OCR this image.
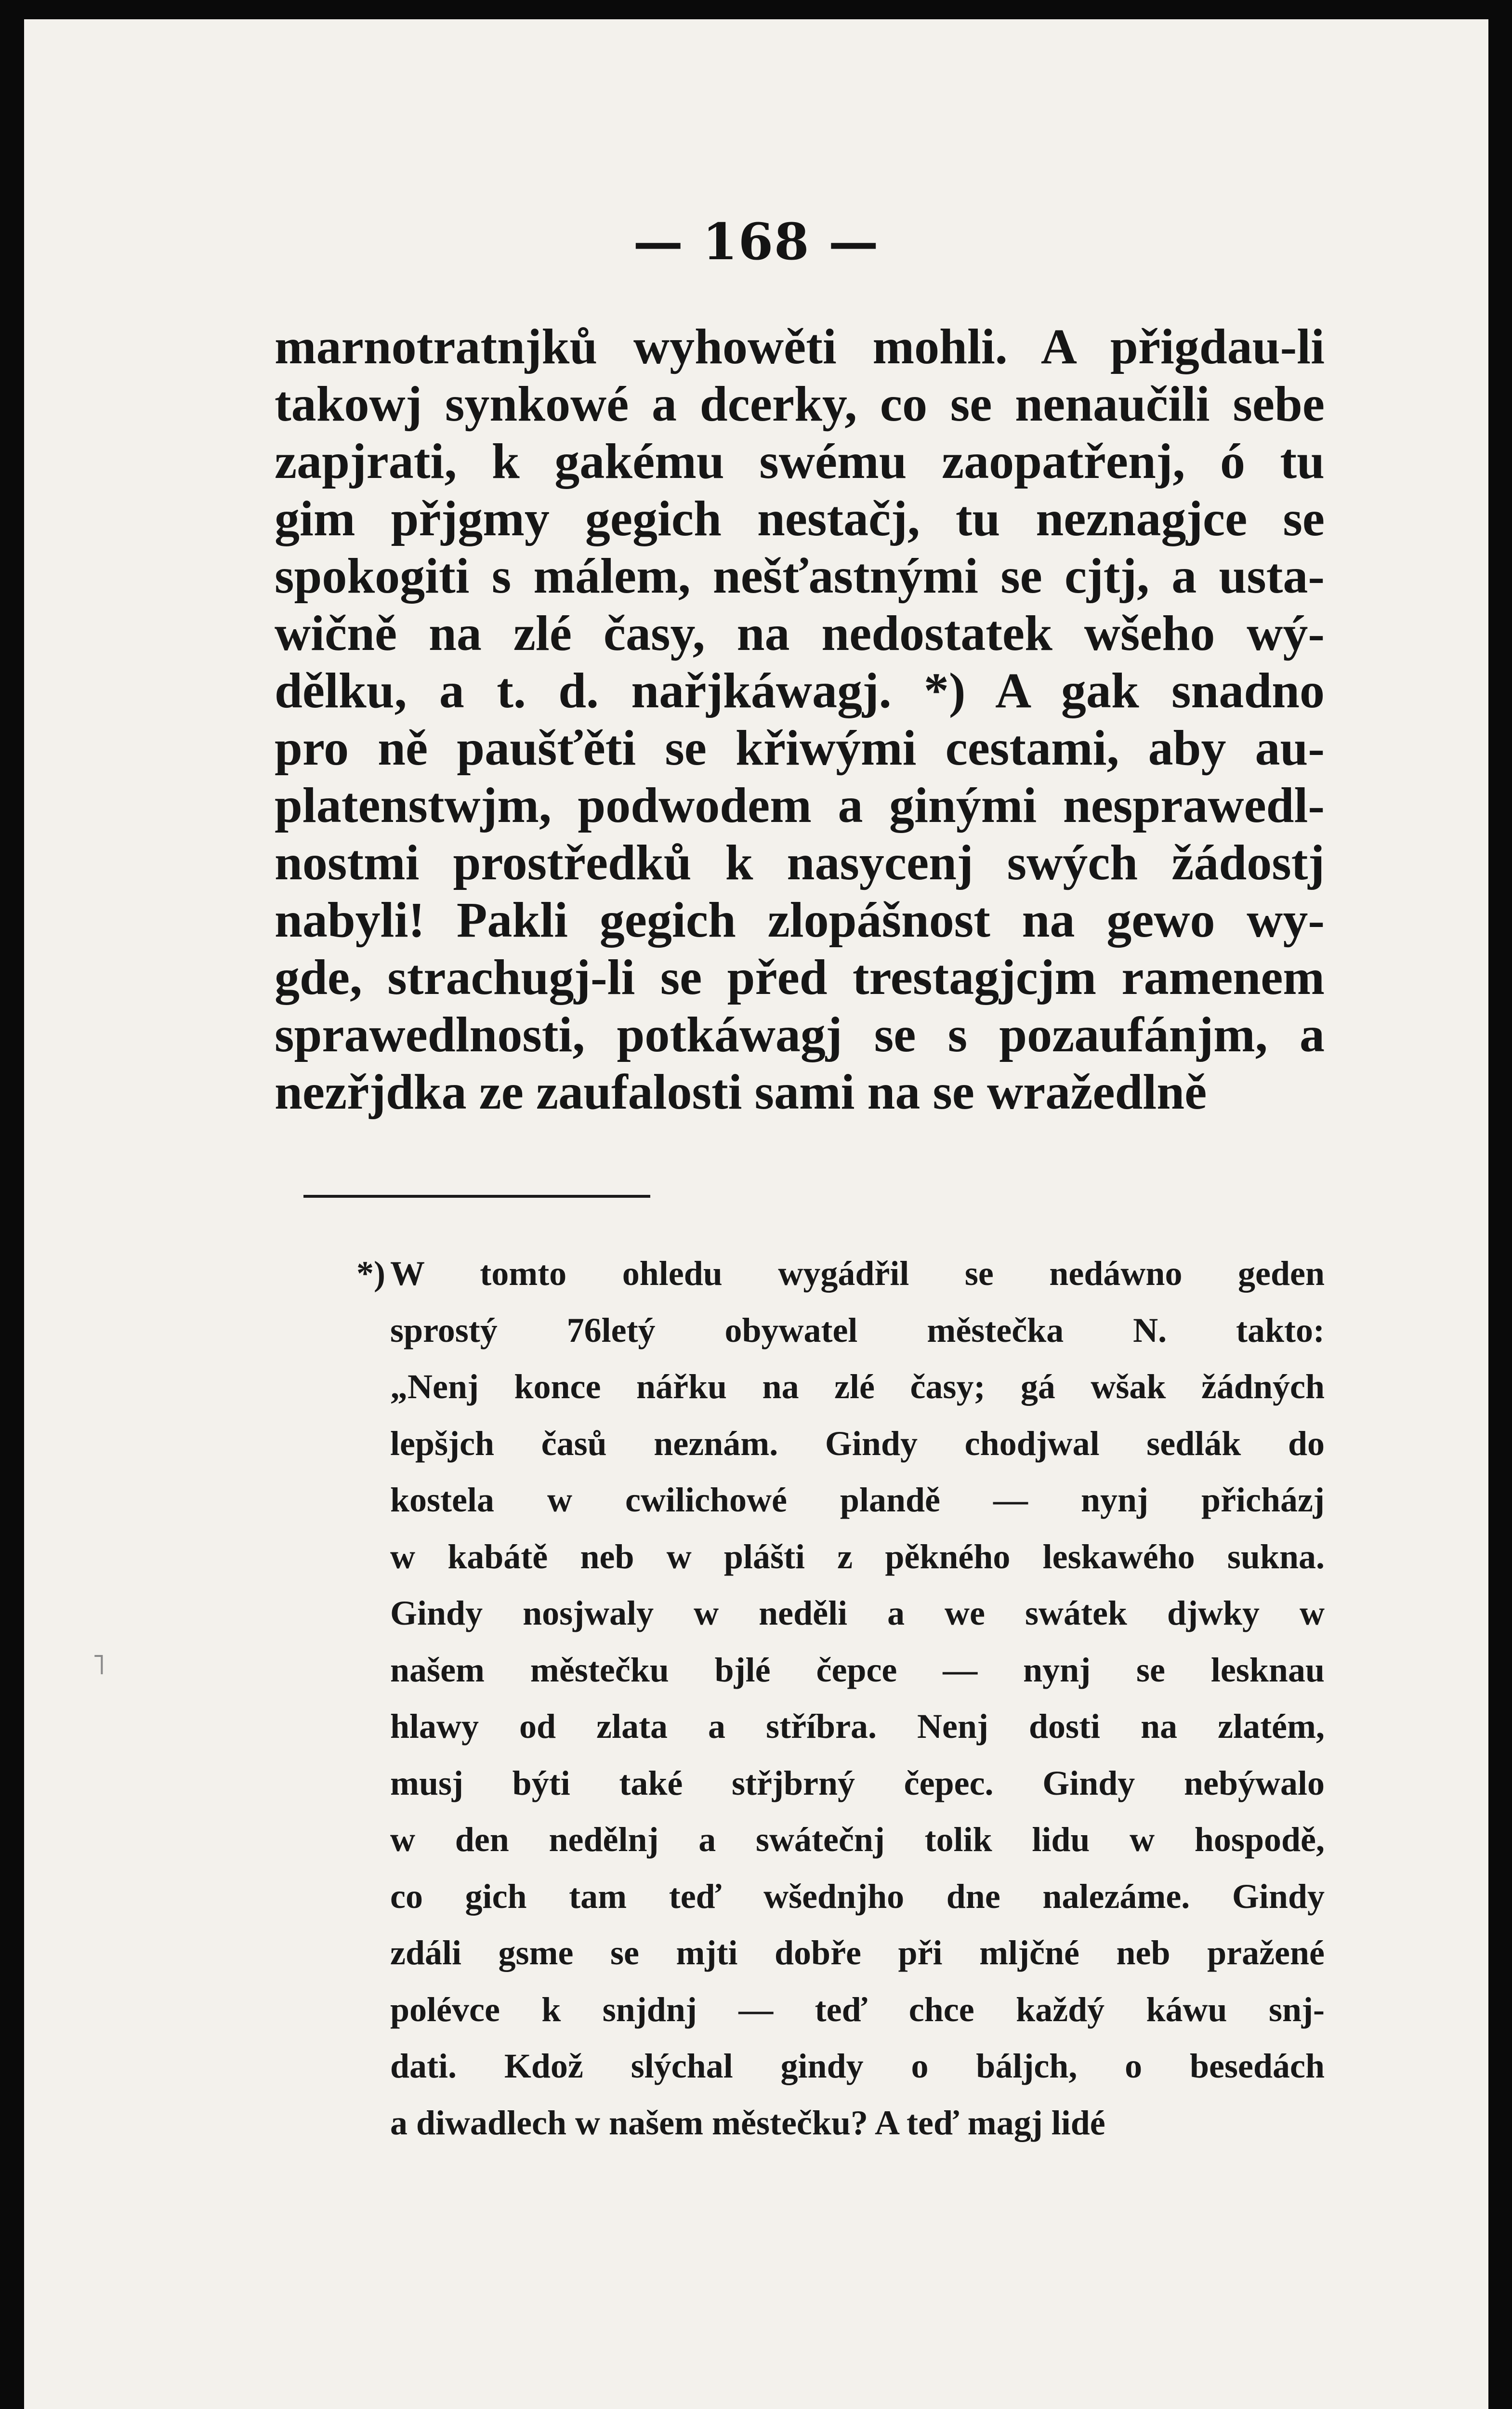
— 168 —
marnotratnjků wyhowěti mohli. A přigdau-li
takowj synkowé a dcerky, co se nenaučili sebe
zapjrati, k gakému swému zaopatřenj, ó tu
gim přjgmy gegich nestačj, tu neznagjce se
spokogiti s málem, nešťastnými se cjtj, a usta-
wičně na zlé časy, na nedostatek wšeho wý-
dělku, a t. d. nařjkáwagj. *) A gak snadno
pro ně paušťěti se křiwými cestami, aby au-
platenstwjm, podwodem a ginými nesprawedl-
nostmi prostředků k nasycenj swých žádostj
nabyli! Pakli gegich zlopášnost na gewo wy-
gde, strachugj-li se před trestagjcjm ramenem
sprawedlnosti, potkáwagj se s pozaufánjm, a
nezřjdka ze zaufalosti sami na se wražedlně
*) W tomto ohledu wygádřil se nedáwno geden
sprostý 76letý obywatel městečka N. takto:
„Nenj konce nářku na zlé časy; gá wšak žádných
lepšjch časů neznám. Gindy chodjwal sedlák do
kostela w cwilichowé plandě — nynj přicházj
w kabátě neb w plášti z pěkného leskawého sukna.
Gindy nosjwaly w neděli a we swátek djwky w
našem městečku bjlé čepce — nynj se lesknau
hlawy od zlata a stříbra. Nenj dosti na zlatém,
musj býti také střjbrný čepec. Gindy nebýwalo
w den nedělnj a swátečnj tolik lidu w hospodě,
co gich tam teď wšednjho dne nalezáme. Gindy
zdáli gsme se mjti dobře při mljčné neb pražené
polévce k snjdnj — teď chce každý káwu snj-
dati. Kdož slýchal gindy o báljch, o besedách
a diwadlech w našem městečku? A teď magj lidé
˥
